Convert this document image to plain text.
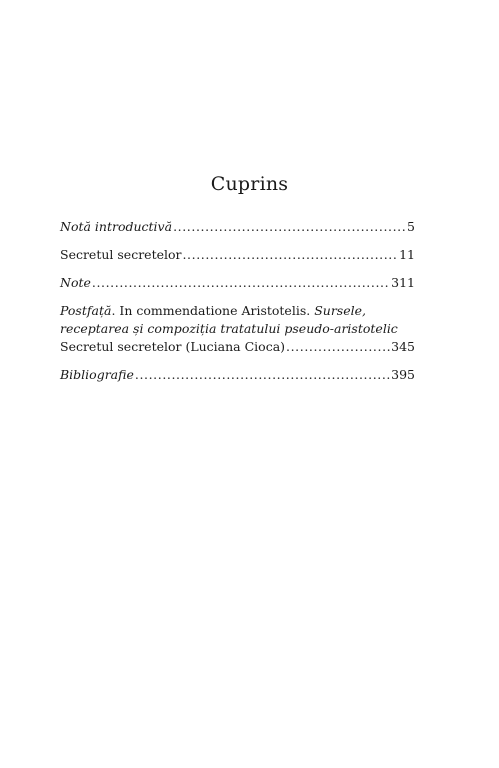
Cuprins
Notă introductivă .....	5
Secretul secretelor .....	11
Note .....	311
Postfață. In commendatione Aristotelis. Sursele,
receptarea și compoziția tratatului pseudo-aristotelic
Secretul secretelor (Luciana Cioca) .....	345
Bibliografie .....	395
